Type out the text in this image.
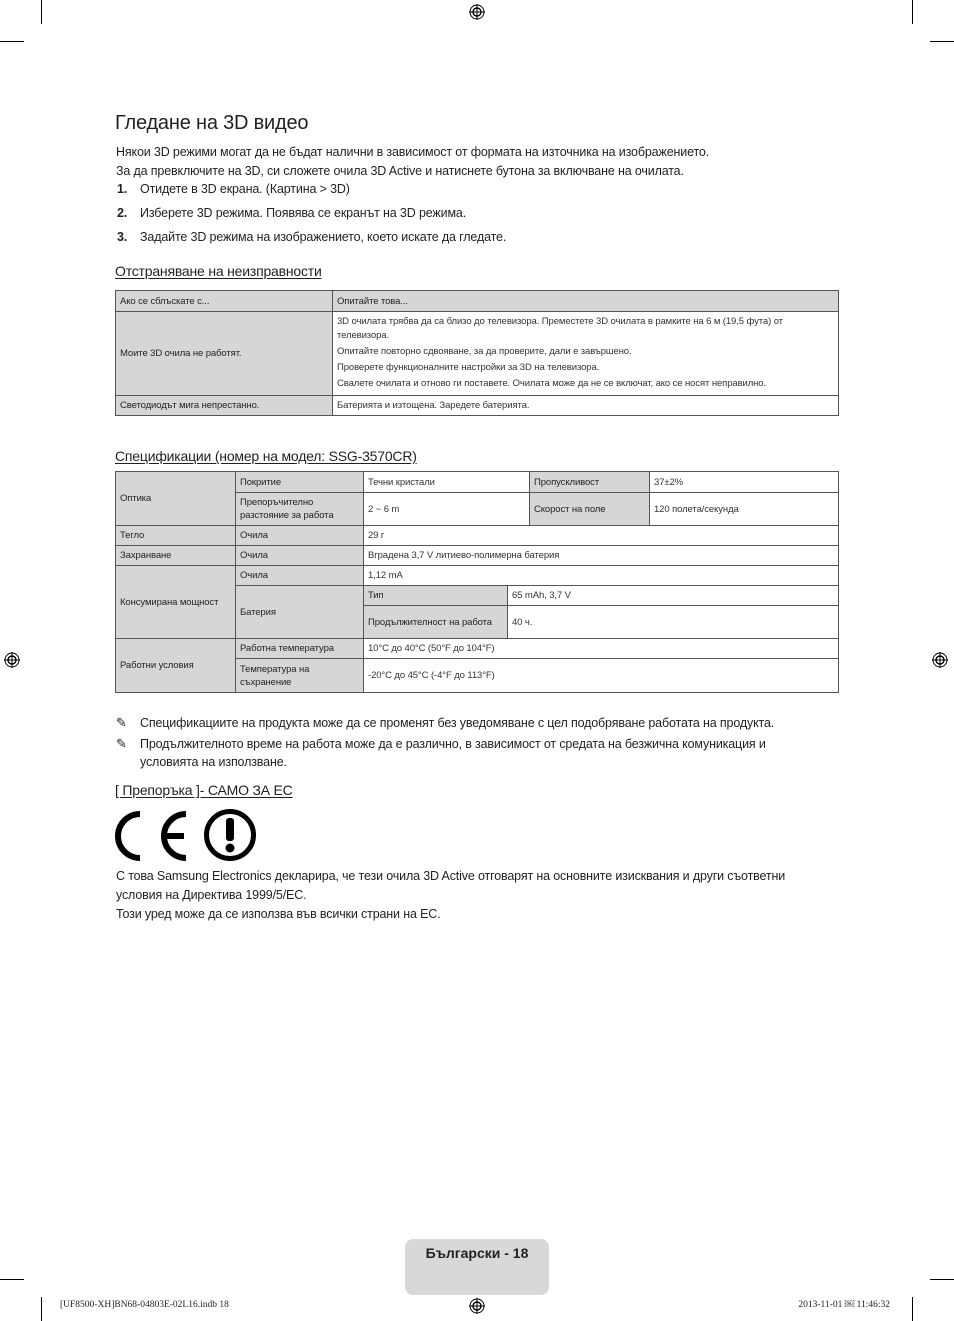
Гледане на 3D видео
Някои 3D режими могат да не бъдат налични в зависимост от формата на източника на изображението.
За да превключите на 3D, си сложете очила 3D Active и натиснете бутона за включване на очилата.
1. Отидете в 3D екрана. (Картина > 3D)
2. Изберете 3D режима. Появява се екранът на 3D режима.
3. Задайте 3D режима на изображението, което искате да гледате.
Отстраняване на неизправности
Ако се сблъскате с...	Опитайте това...
Моите 3D очила не работят.	3D очилата трябва да са близо до телевизора. Преместете 3D очилата в рамките на 6 м (19,5 фута) от телевизора.
Опитайте повторно сдвояване, за да проверите, дали е завършено.
Проверете функционалните настройки за 3D на телевизора.
Свалете очилата и отново ги поставете. Очилата може да не се включат, ако се носят неправилно.

Светодиодът мига непрестанно.	Батерията и изтощена. Заредете батерията.
Спецификации (номер на модел: SSG-3570CR)
Оптика	Покритие	Течни кристали		Пропускливост	37±2%
	Препоръчително разстояние за работа	2 ~ 6 m		Скорост на поле	120 полета/секунда
Тегло	Очила	29 г			
Захранване	Очила	Вградена 3,7 V литиево-полимерна батерия			
Консумирана мощност	Очила	1,12 mA			
	Батерия	Тип	65 mAh, 3,7 V		
		Продължителност на работа	40 ч.		
Работни условия	Работна температура	10°C до 40°C (50°F до 104°F)			
	Температура на съхранение	-20°C до 45°C (-4°F до 113°F)			
✎ Спецификациите на продукта може да се променят без уведомяване с цел подобряване работата на продукта.
✎ Продължителното време на работа може да е различно, в зависимост от средата на безжична комуникация и
условията на използване.
[ Препоръка ]- САМО ЗА ЕС
С това Samsung Electronics декларира, че тези очила 3D Active отговарят на основните изисквания и други съответни
условия на Директива 1999/5/ЕС.
Този уред може да се използва във всички страни на ЕС.
Български - 18
[UF8500-XH]BN68-04803E-02L16.indb 18	2013-11-01 ￼ 11:46:32
